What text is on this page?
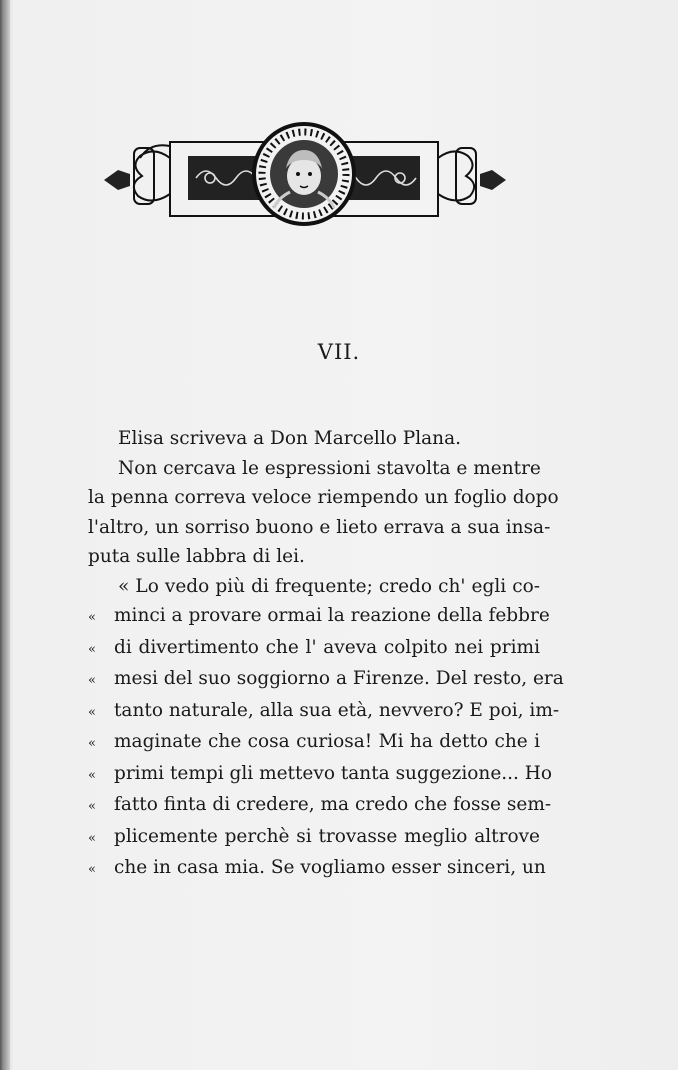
VII.

Elisa scriveva a Don Marcello Plana.

Non cercava le espressioni stavolta e mentre
la penna correva veloce riempendo un foglio dopo
l'altro, un sorriso buono e lieto errava a sua insa-
puta sulle labbra di lei.

« Lo vedo più di frequente; credo ch' egli co-
« minci a provare ormai la reazione della febbre
« di divertimento che l' aveva colpito nei primi
« mesi del suo soggiorno a Firenze. Del resto, era
« tanto naturale, alla sua età, nevvero? E poi, im-
« maginate che cosa curiosa! Mi ha detto che i
« primi tempi gli mettevo tanta suggezione... Ho
« fatto finta di credere, ma credo che fosse sem-
« plicemente perchè si trovasse meglio altrove
« che in casa mia. Se vogliamo esser sinceri, un
